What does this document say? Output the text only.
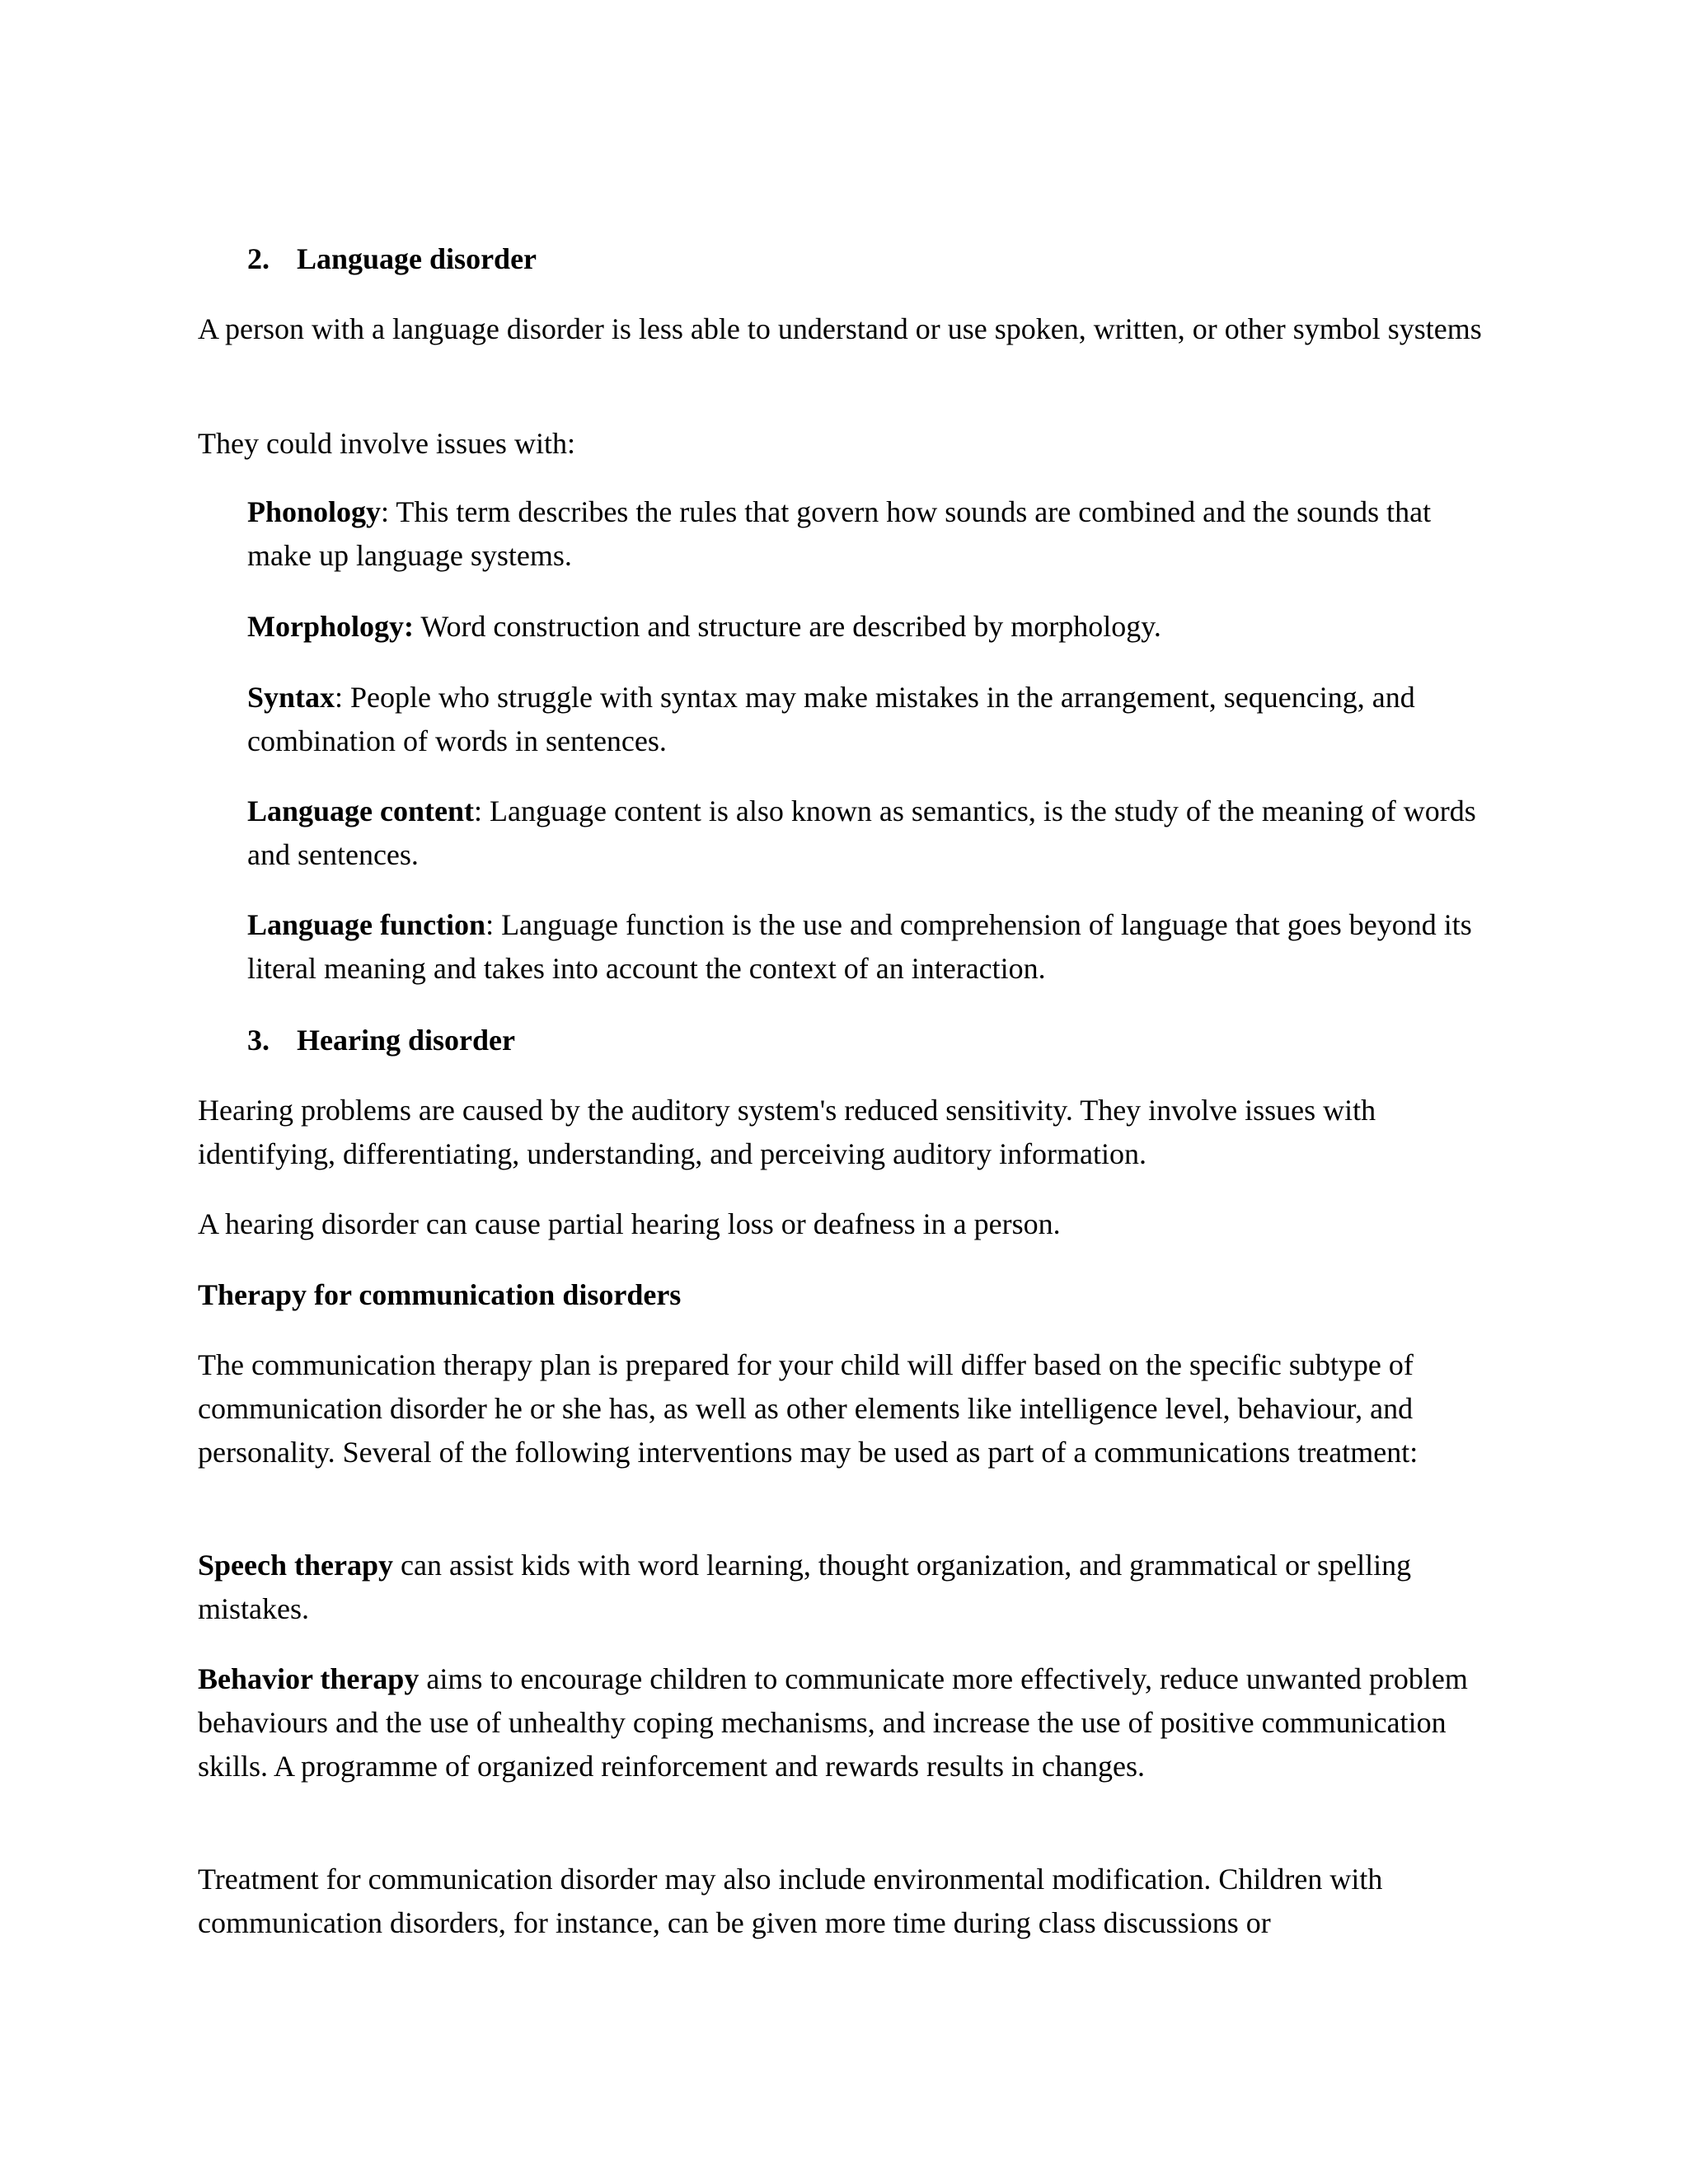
2. Language disorder

A person with a language disorder is less able to understand or use spoken, written, or other symbol systems

They could involve issues with:

Phonology: This term describes the rules that govern how sounds are combined and the sounds that make up language systems.

Morphology: Word construction and structure are described by morphology.

Syntax: People who struggle with syntax may make mistakes in the arrangement, sequencing, and combination of words in sentences.

Language content: Language content is also known as semantics, is the study of the meaning of words and sentences.

Language function: Language function is the use and comprehension of language that goes beyond its literal meaning and takes into account the context of an interaction.

3. Hearing disorder

Hearing problems are caused by the auditory system's reduced sensitivity. They involve issues with identifying, differentiating, understanding, and perceiving auditory information.

A hearing disorder can cause partial hearing loss or deafness in a person.

Therapy for communication disorders

The communication therapy plan is prepared for your child will differ based on the specific subtype of communication disorder he or she has, as well as other elements like intelligence level, behaviour, and personality. Several of the following interventions may be used as part of a communications treatment:

Speech therapy can assist kids with word learning, thought organization, and grammatical or spelling mistakes.

Behavior therapy aims to encourage children to communicate more effectively, reduce unwanted problem behaviours and the use of unhealthy coping mechanisms, and increase the use of positive communication skills. A programme of organized reinforcement and rewards results in changes.

Treatment for communication disorder may also include environmental modification. Children with communication disorders, for instance, can be given more time during class discussions or
